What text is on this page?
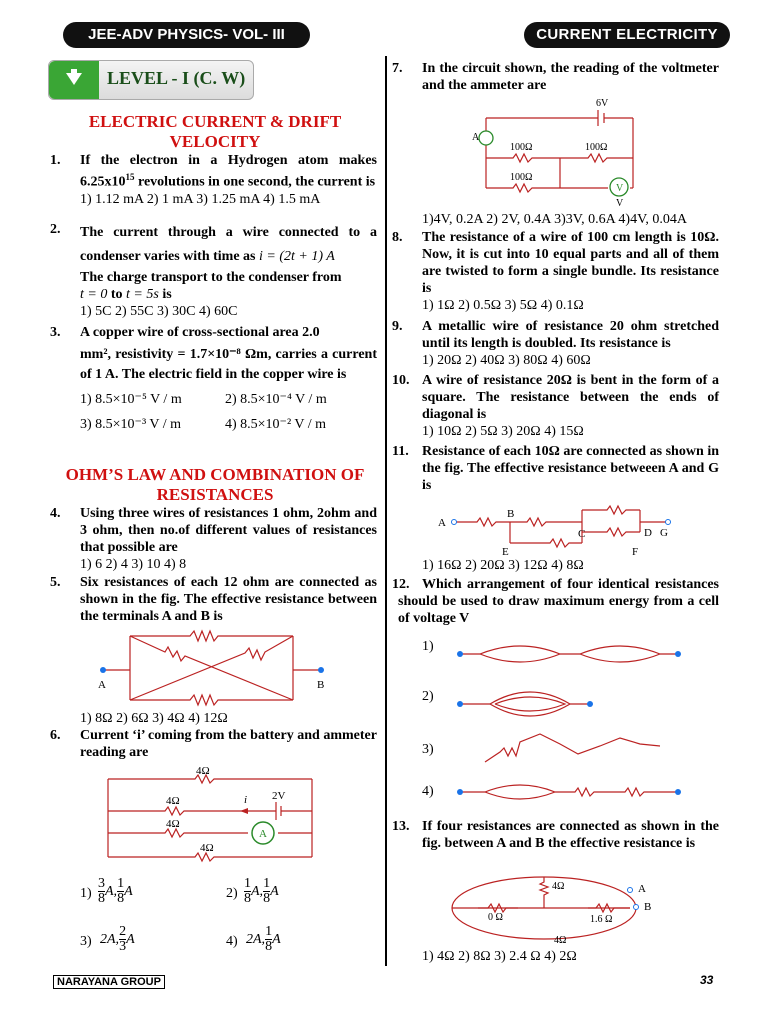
JEE-ADV PHYSICS- VOL- III	CURRENT ELECTRICITY
LEVEL - I (C. W)
ELECTRIC CURRENT & DRIFT VELOCITY
1. If the electron in a Hydrogen atom makes $6.25x10^{15}$ revolutions in one second, the current is
1) 1.12 mA 2) 1 mA 3) 1.25 mA 4) 1.5 mA
2. The current through a wire connected to a condenser varies with time as i = (2t + 1) A
The charge transport to the condenser from
t = 0 to t = 5s is
1) 5C 2) 55C 3) 30C 4) 60C
3. A copper wire of cross-sectional area 2.0
mm², resistivity = 1.7×10⁻⁸ Ωm, carries a current of 1 A. The electric field in the copper wire is
1) 8.5×10⁻⁵ V / m	2) 8.5×10⁻⁴ V / m
3) 8.5×10⁻³ V / m	4) 8.5×10⁻² V / m
OHM’S LAW AND COMBINATION OF RESISTANCES
4. Using three wires of resistances 1 ohm, 2ohm and 3 ohm, then no.of different values of resistances that possible are
1) 6 2) 4 3) 10 4) 8
5. Six resistances of each 12 ohm are connected as shown in the fig. The effective resistance between the terminals A and B is
A	B
1) 8Ω 2) 6Ω 3) 4Ω 4) 12Ω
6. Current ‘i’ coming from the battery and ammeter reading are
A
4Ω
4Ω
4Ω
4Ω
2V
i
$1) \frac{3}{8} A$, $\frac{1}{8}$ A	$2) \frac{1}{8} A$, $\frac{1}{8}$ A
3) 2A, $\frac{2}{3}$ A	4) 2A, $\frac{1}{8}$ A
7. In the circuit shown, the reading of the voltmeter and the ammeter are
V
A
6V
100Ω	100Ω
100Ω
V
1)4V, 0.2A 2) 2V, 0.4A 3)3V, 0.6A 4)4V, 0.04A
8. The resistance of a wire of 100 cm length is 10Ω. Now, it is cut into 10 equal parts and all of them are twisted to form a single bundle. Its resistance is
1) 1Ω 2) 0.5Ω 3) 5Ω 4) 0.1Ω
9. A metallic wire of resistance 20 ohm stretched until its length is doubled. Its resistance is
1) 20Ω 2) 40Ω 3) 80Ω 4) 60Ω
10. A wire of resistance 20Ω is bent in the form of a square. The resistance between the ends of diagonal is
1) 10Ω 2) 5Ω 3) 20Ω 4) 15Ω
11. Resistance of each 10Ω are connected as shown in the fig. The effective resistance betweeen A and G is
A
B
C	D G
E	F
1) 16Ω 2) 20Ω 3) 12Ω 4) 8Ω
12. Which arrangement of four identical resistances should be used to draw maximum energy from a cell of voltage V
1)
2)
3)
4)
13. If four resistances are connected as shown in the fig. between A and B the effective resistance is
4Ω
0 Ω	1.6 Ω
4Ω
A
B
1) 4Ω 2) 8Ω 3) 2.4 Ω 4) 2Ω
NARAYANA GROUP	33
